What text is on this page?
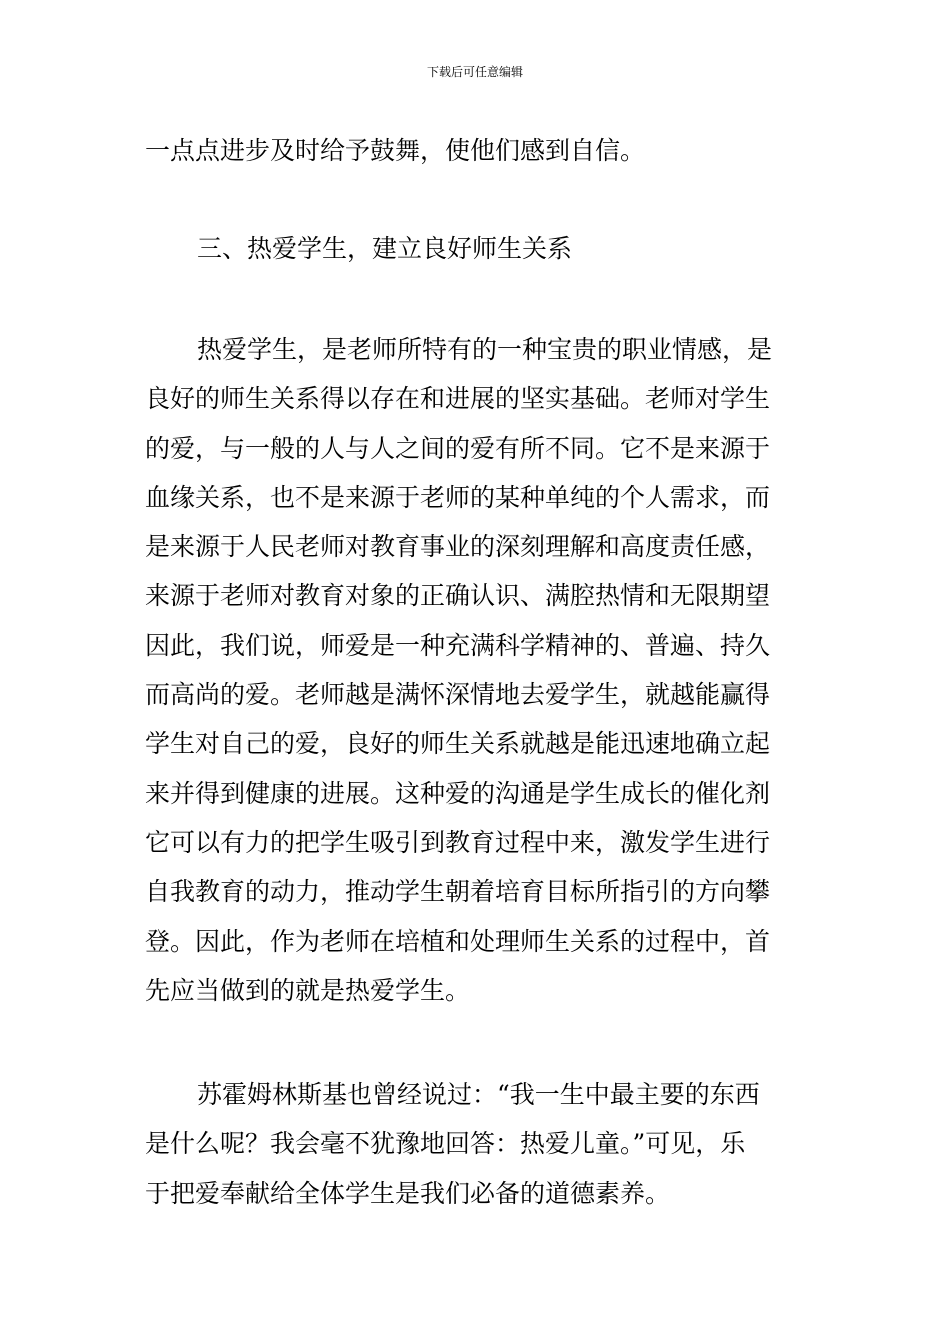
下载后可任意编辑
一点点进步及时给予鼓舞，使他们感到自信。
三、热爱学生，建立良好师生关系
热爱学生，是老师所特有的一种宝贵的职业情感，是
良好的师生关系得以存在和进展的坚实基础。老师对学生
的爱，与一般的人与人之间的爱有所不同。它不是来源于
血缘关系，也不是来源于老师的某种单纯的个人需求，而
是来源于人民老师对教育事业的深刻理解和高度责任感，
来源于老师对教育对象的正确认识、满腔热情和无限期望
因此，我们说，师爱是一种充满科学精神的、普遍、持久
而高尚的爱。老师越是满怀深情地去爱学生，就越能赢得
学生对自己的爱，良好的师生关系就越是能迅速地确立起
来并得到健康的进展。这种爱的沟通是学生成长的催化剂
它可以有力的把学生吸引到教育过程中来，激发学生进行
自我教育的动力，推动学生朝着培育目标所指引的方向攀
登。因此，作为老师在培植和处理师生关系的过程中，首
先应当做到的就是热爱学生。
苏霍姆林斯基也曾经说过：“我一生中最主要的东西
是什么呢？我会毫不犹豫地回答：热爱儿童。”可见，乐
于把爱奉献给全体学生是我们必备的道德素养。
